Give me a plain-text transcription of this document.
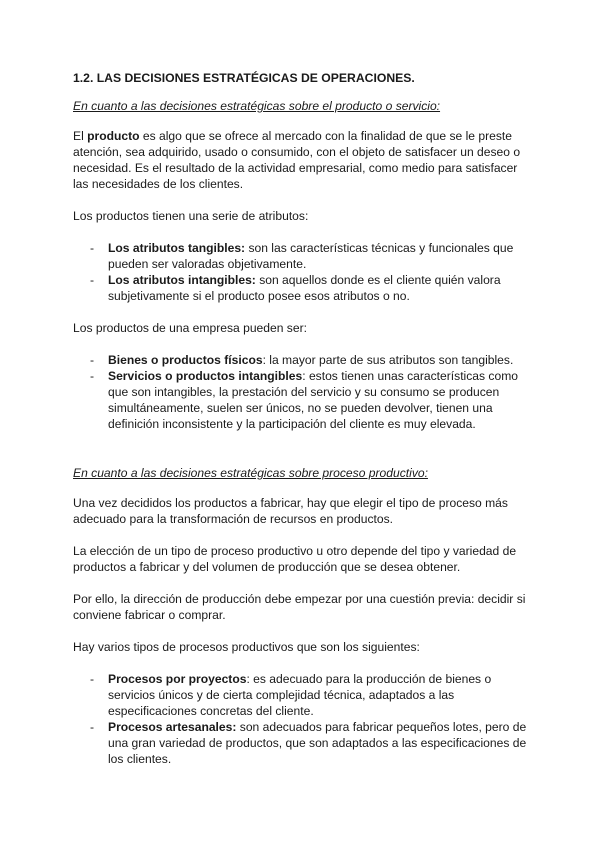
1.2. LAS DECISIONES ESTRATÉGICAS DE OPERACIONES.

En cuanto a las decisiones estratégicas sobre el producto o servicio:

El producto es algo que se ofrece al mercado con la finalidad de que se le preste atención, sea adquirido, usado o consumido, con el objeto de satisfacer un deseo o necesidad. Es el resultado de la actividad empresarial, como medio para satisfacer las necesidades de los clientes.

Los productos tienen una serie de atributos:

- Los atributos tangibles: son las características técnicas y funcionales que pueden ser valoradas objetivamente.
- Los atributos intangibles: son aquellos donde es el cliente quién valora subjetivamente si el producto posee esos atributos o no.

Los productos de una empresa pueden ser:

- Bienes o productos físicos: la mayor parte de sus atributos son tangibles.
- Servicios o productos intangibles: estos tienen unas características como que son intangibles, la prestación del servicio y su consumo se producen simultáneamente, suelen ser únicos, no se pueden devolver, tienen una definición inconsistente y la participación del cliente es muy elevada.

En cuanto a las decisiones estratégicas sobre proceso productivo:

Una vez decididos los productos a fabricar, hay que elegir el tipo de proceso más adecuado para la transformación de recursos en productos.

La elección de un tipo de proceso productivo u otro depende del tipo y variedad de productos a fabricar y del volumen de producción que se desea obtener.

Por ello, la dirección de producción debe empezar por una cuestión previa: decidir si conviene fabricar o comprar.

Hay varios tipos de procesos productivos que son los siguientes:

- Procesos por proyectos: es adecuado para la producción de bienes o servicios únicos y de cierta complejidad técnica, adaptados a las especificaciones concretas del cliente.
- Procesos artesanales: son adecuados para fabricar pequeños lotes, pero de una gran variedad de productos, que son adaptados a las especificaciones de los clientes.
